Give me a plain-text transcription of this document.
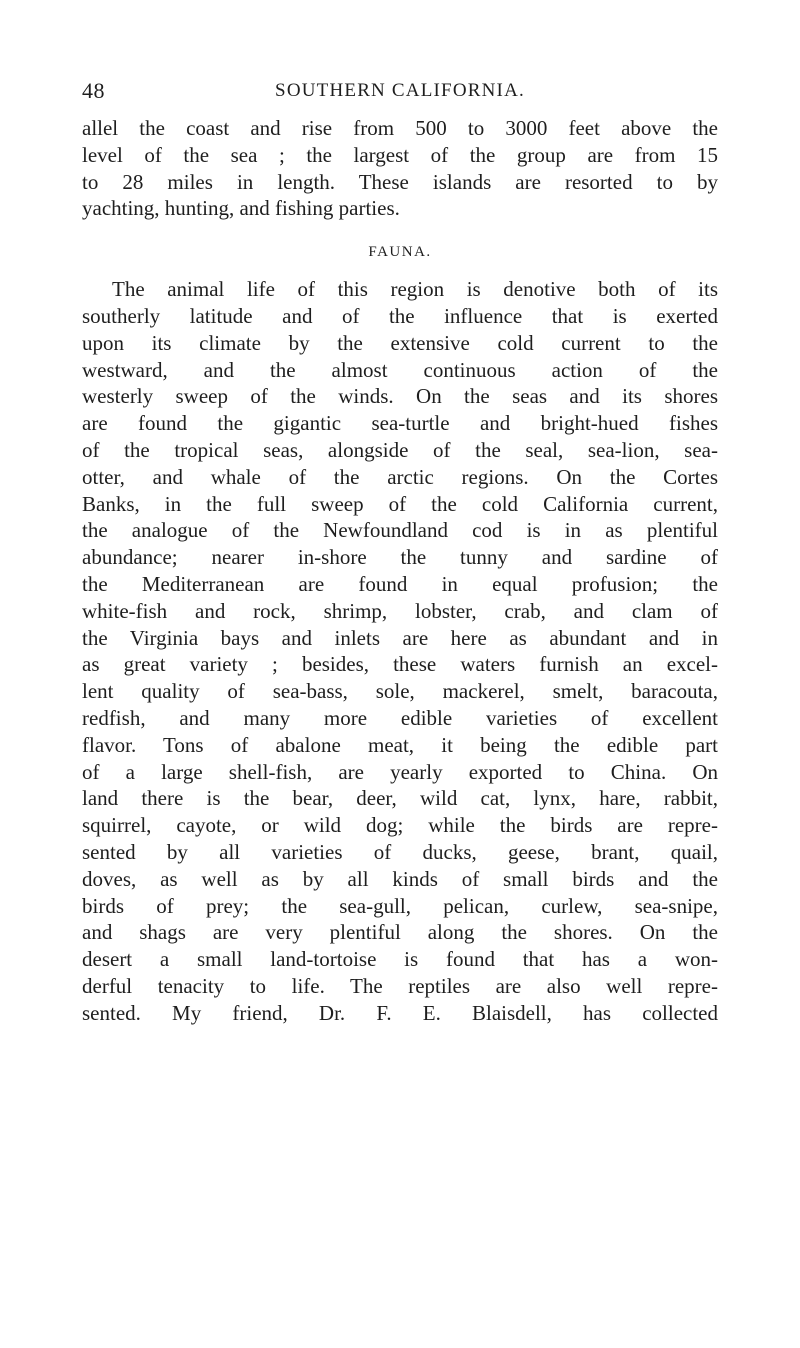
48	SOUTHERN CALIFORNIA.
allel the coast and rise from 500 to 3000 feet above the
level of the sea ; the largest of the group are from 15
to 28 miles in length. These islands are resorted to by
yachting, hunting, and fishing parties.
FAUNA.
The animal life of this region is denotive both of its
southerly latitude and of the influence that is exerted
upon its climate by the extensive cold current to the
westward, and the almost continuous action of the
westerly sweep of the winds. On the seas and its shores
are found the gigantic sea-turtle and bright-hued fishes
of the tropical seas, alongside of the seal, sea-lion, sea-
otter, and whale of the arctic regions. On the Cortes
Banks, in the full sweep of the cold California current,
the analogue of the Newfoundland cod is in as plentiful
abundance; nearer in-shore the tunny and sardine of
the Mediterranean are found in equal profusion; the
white-fish and rock, shrimp, lobster, crab, and clam of
the Virginia bays and inlets are here as abundant and in
as great variety ; besides, these waters furnish an excel-
lent quality of sea-bass, sole, mackerel, smelt, baracouta,
redfish, and many more edible varieties of excellent
flavor. Tons of abalone meat, it being the edible part
of a large shell-fish, are yearly exported to China. On
land there is the bear, deer, wild cat, lynx, hare, rabbit,
squirrel, cayote, or wild dog; while the birds are repre-
sented by all varieties of ducks, geese, brant, quail,
doves, as well as by all kinds of small birds and the
birds of prey; the sea-gull, pelican, curlew, sea-snipe,
and shags are very plentiful along the shores. On the
desert a small land-tortoise is found that has a won-
derful tenacity to life. The reptiles are also well repre-
sented. My friend, Dr. F. E. Blaisdell, has collected
